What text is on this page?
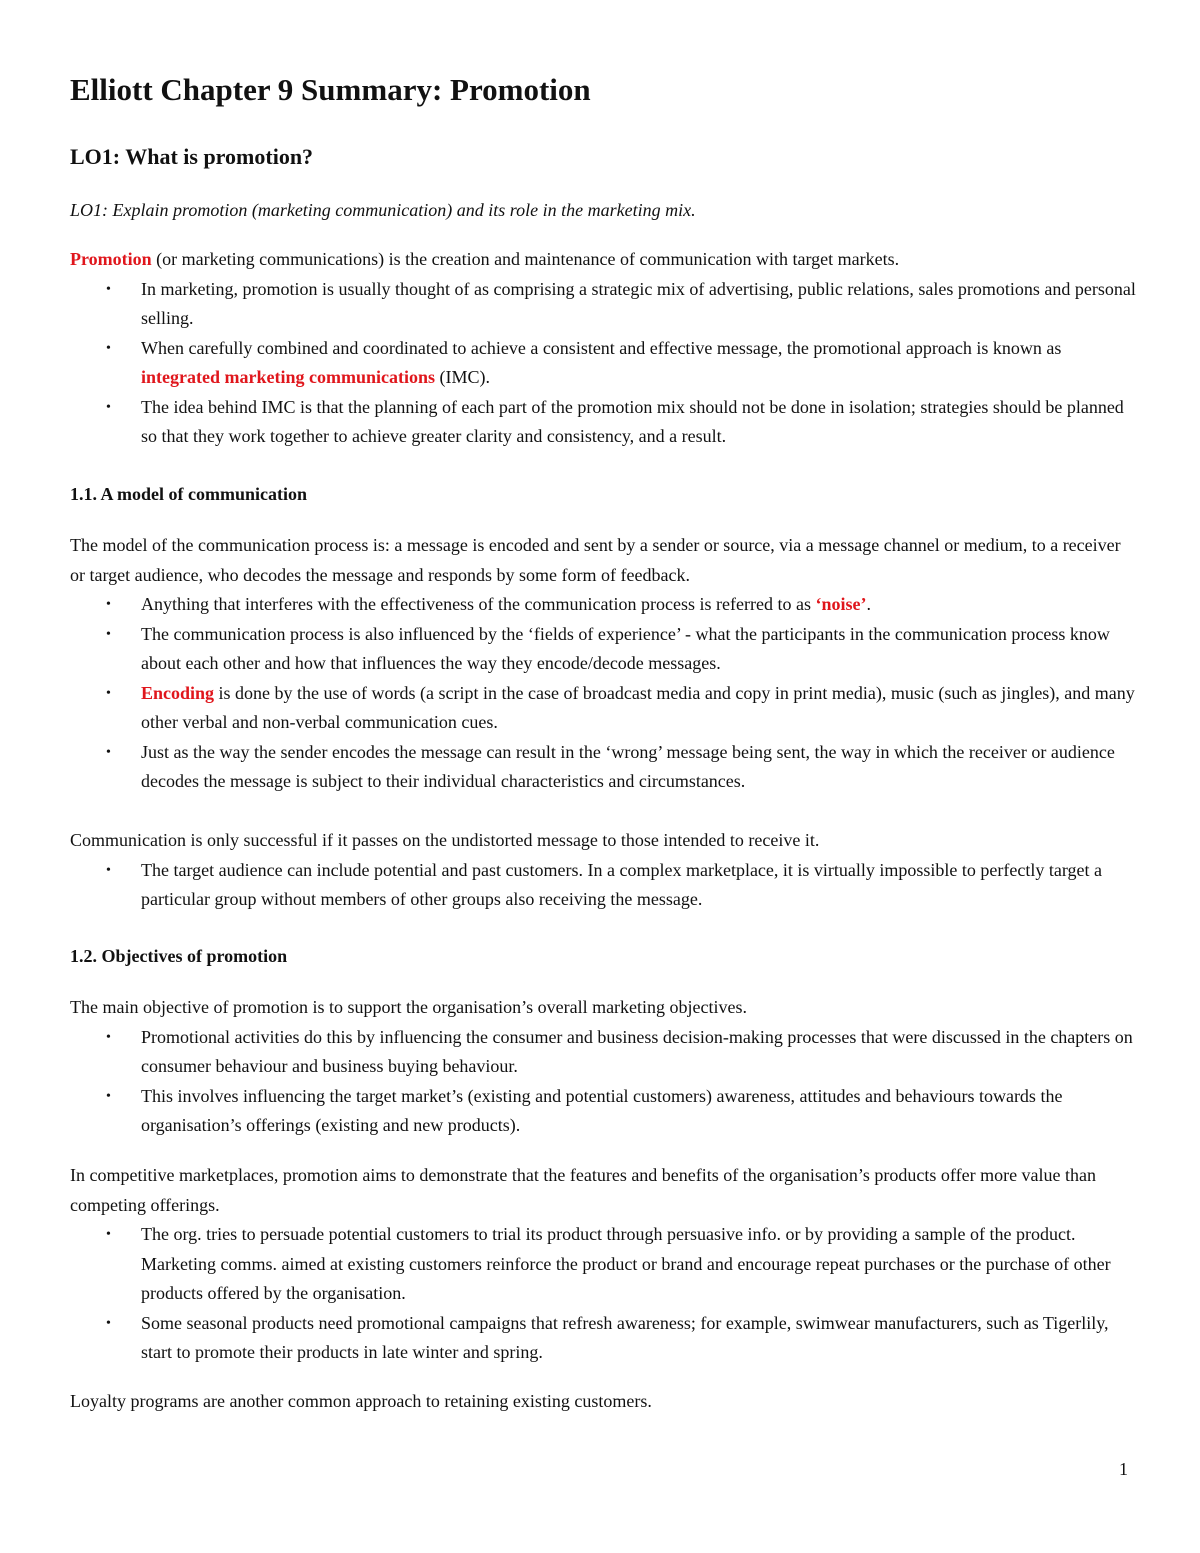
Elliott Chapter 9 Summary: Promotion
LO1: What is promotion?

LO1: Explain promotion (marketing communication) and its role in the marketing mix.

Promotion (or marketing communications) is the creation and maintenance of communication with target markets.

•	In marketing, promotion is usually thought of as comprising a strategic mix of advertising, public relations, sales promotions and personal selling.
•	When carefully combined and coordinated to achieve a consistent and effective message, the promotional approach is known as integrated marketing communications (IMC).
•	The idea behind IMC is that the planning of each part of the promotion mix should not be done in isolation; strategies should be planned so that they work together to achieve greater clarity and consistency, and a result.
1.1. A model of communication

The model of the communication process is: a message is encoded and sent by a sender or source, via a message channel or medium, to a receiver or target audience, who decodes the message and responds by some form of feedback.

•	Anything that interferes with the effectiveness of the communication process is referred to as ‘noise’.
•	The communication process is also influenced by the ‘fields of experience’ - what the participants in the communication process know about each other and how that influences the way they encode/decode messages.
•	Encoding is done by the use of words (a script in the case of broadcast media and copy in print media), music (such as jingles), and many other verbal and non-verbal communication cues.
•	Just as the way the sender encodes the message can result in the ‘wrong’ message being sent, the way in which the receiver or audience decodes the message is subject to their individual characteristics and circumstances.

Communication is only successful if it passes on the undistorted message to those intended to receive it.

•	The target audience can include potential and past customers. In a complex marketplace, it is virtually impossible to perfectly target a particular group without members of other groups also receiving the message.
1.2. Objectives of promotion

The main objective of promotion is to support the organisation’s overall marketing objectives.

•	Promotional activities do this by influencing the consumer and business decision-making processes that were discussed in the chapters on consumer behaviour and business buying behaviour.
•	This involves influencing the target market’s (existing and potential customers) awareness, attitudes and behaviours towards the organisation’s offerings (existing and new products).

In competitive marketplaces, promotion aims to demonstrate that the features and benefits of the organisation’s products offer more value than competing offerings.

•	The org. tries to persuade potential customers to trial its product through persuasive info. or by providing a sample of the product. Marketing comms. aimed at existing customers reinforce the product or brand and encourage repeat purchases or the purchase of other products offered by the organisation.
•	Some seasonal products need promotional campaigns that refresh awareness; for example, swimwear manufacturers, such as Tigerlily, start to promote their products in late winter and spring.

Loyalty programs are another common approach to retaining existing customers.

1
